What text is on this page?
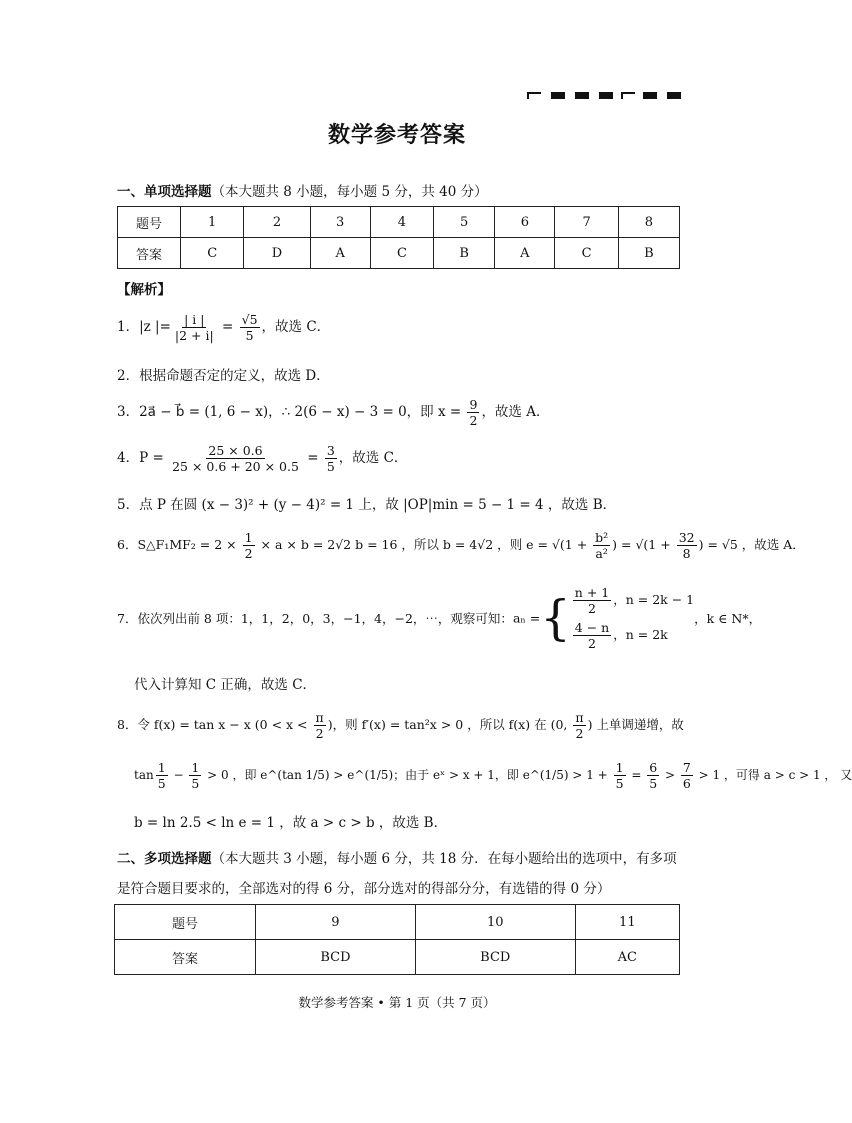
数学参考答案
一、单项选择题（本大题共 8 小题，每小题 5 分，共 40 分）
题号	1	2	3	4	5	6	7	8
答案	C	D	A	C	B	A	C	B
【解析】
1．|z |= $\frac{| i |}{|2 + i|} = \frac{√5}{5}$ ，故选 C．
2．根据命题否定的定义，故选 D．
3．2a⃗ − b⃗ = (1, 6 − x)，∴ 2(6 − x) − 3 = 0，即 $x = \frac{9}{2}$ ，故选 A．
4．$P = \frac{25 \times 0.6}{25 \times 0.6 + 20 \times 0.5} = \frac{3}{5}$ ，故选 C．
5．点 P 在圆 (x − 3)² + (y − 4)² = 1 上，故 |OP|min = 5 − 1 = 4 ，故选 B．
6．S△F₁MF₂ = $2 \times \frac{1}{2} \times a \times b = 2√2$ b = 16 ，所以 b = 4√2 ，则 $e = √(1 + \frac{\text{b²}}{\text{a²}}$ ) = $√(1 + \frac{32}{8}$ ) = √5 ，故选 A．
7．依次列出前 8 项：1，1，2，0，3，−1，4，−2，⋯，观察可知：aₙ ={ $\frac{n + 1}{2}$ ，n = 2k − 1
$\frac{4 - n}{2}$ ，n = 2k
，k ∈ N*，
代入计算知 C 正确，故选 C．
8．令 f(x) = tan x − x ($0 < x < \frac{\pi}{2}$ )，则 f′(x) = tan²x > 0 ，所以 f(x) 在 (0, $\frac{\pi}{2}$ ) 上单调递增，故
$\tan \frac{1}{5} - \frac{1}{5} > 0$ ，即 e^(tan 1/5) > e^(1/5)；由于 eˣ > x + 1，即 e^(1/5) > $1 + \frac{1}{5} = \frac{6}{5} > \frac{7}{6} > 1$ ，可得 a > c > 1 ， 又
b = ln 2.5 < ln e = 1 ，故 a > c > b ，故选 B．
二、多项选择题（本大题共 3 小题，每小题 6 分，共 18 分．在每小题给出的选项中，有多项
是符合题目要求的，全部选对的得 6 分，部分选对的得部分分，有选错的得 0 分）
题号	9	10	11
答案	BCD	BCD	AC
数学参考答案 • 第 1 页（共 7 页）
